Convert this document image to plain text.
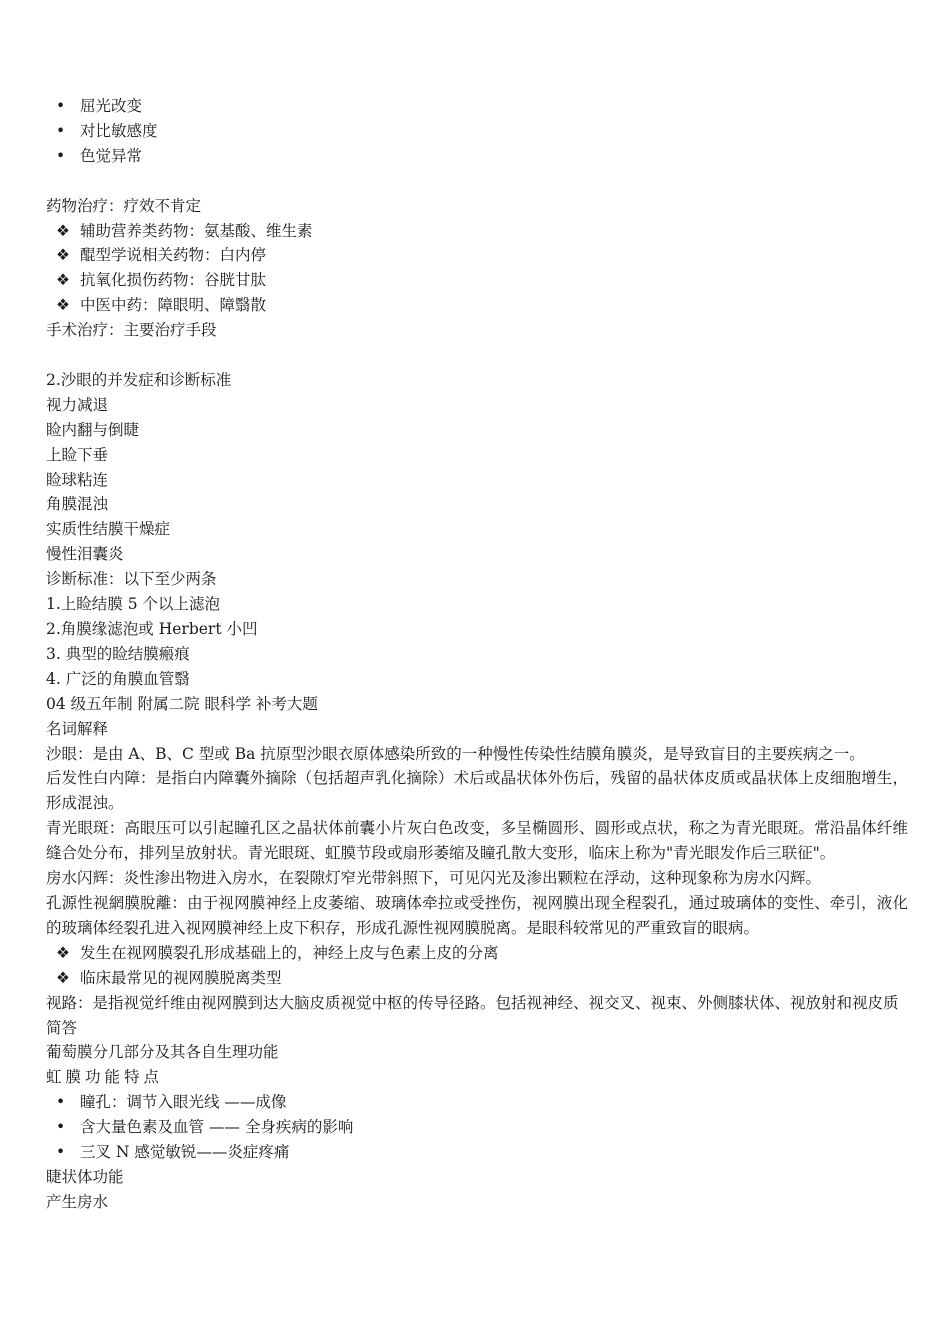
• 屈光改变
• 对比敏感度
• 色觉异常

药物治疗：疗效不肯定

❖ 辅助营养类药物：氨基酸、维生素
❖ 醌型学说相关药物：白内停
❖ 抗氧化损伤药物：谷胱甘肽
❖ 中医中药：障眼明、障翳散

手术治疗：主要治疗手段

2.沙眼的并发症和诊断标准

视力减退

睑内翻与倒睫

上睑下垂

睑球粘连

角膜混浊

实质性结膜干燥症

慢性泪囊炎

诊断标准：以下至少两条

1.上睑结膜 5 个以上滤泡

2.角膜缘滤泡或 Herbert 小凹

3. 典型的睑结膜瘢痕

4. 广泛的角膜血管翳

04 级五年制 附属二院 眼科学 补考大题

名词解释

沙眼：是由 A、B、C 型或 Ba 抗原型沙眼衣原体感染所致的一种慢性传染性结膜角膜炎，是导致盲目的主要疾病之一。

后发性白内障：是指白内障囊外摘除（包括超声乳化摘除）术后或晶状体外伤后，残留的晶状体皮质或晶状体上皮细胞增生，形成混浊。

青光眼斑：高眼压可以引起瞳孔区之晶状体前囊小片灰白色改变，多呈椭圆形、圆形或点状，称之为青光眼斑。常沿晶体纤维缝合处分布，排列呈放射状。青光眼斑、虹膜节段或扇形萎缩及瞳孔散大变形，临床上称为"青光眼发作后三联征"。

房水闪辉：炎性渗出物进入房水，在裂隙灯窄光带斜照下，可见闪光及渗出颗粒在浮动，这种现象称为房水闪辉。

孔源性视網膜脫離：由于视网膜神经上皮萎缩、玻璃体牵拉或受挫伤，视网膜出现全程裂孔，通过玻璃体的变性、牵引，液化的玻璃体经裂孔进入视网膜神经上皮下积存，形成孔源性视网膜脱离。是眼科较常见的严重致盲的眼病。

❖ 发生在视网膜裂孔形成基础上的，神经上皮与色素上皮的分离
❖ 临床最常见的视网膜脱离类型

视路：是指视觉纤维由视网膜到达大脑皮质视觉中枢的传导径路。包括视神经、视交叉、视束、外侧膝状体、视放射和视皮质

简答

葡萄膜分几部分及其各自生理功能

虹膜功能特点

• 瞳孔：调节入眼光线 ——成像
• 含大量色素及血管 —— 全身疾病的影响
• 三叉 N 感觉敏锐——炎症疼痛

睫状体功能

产生房水
